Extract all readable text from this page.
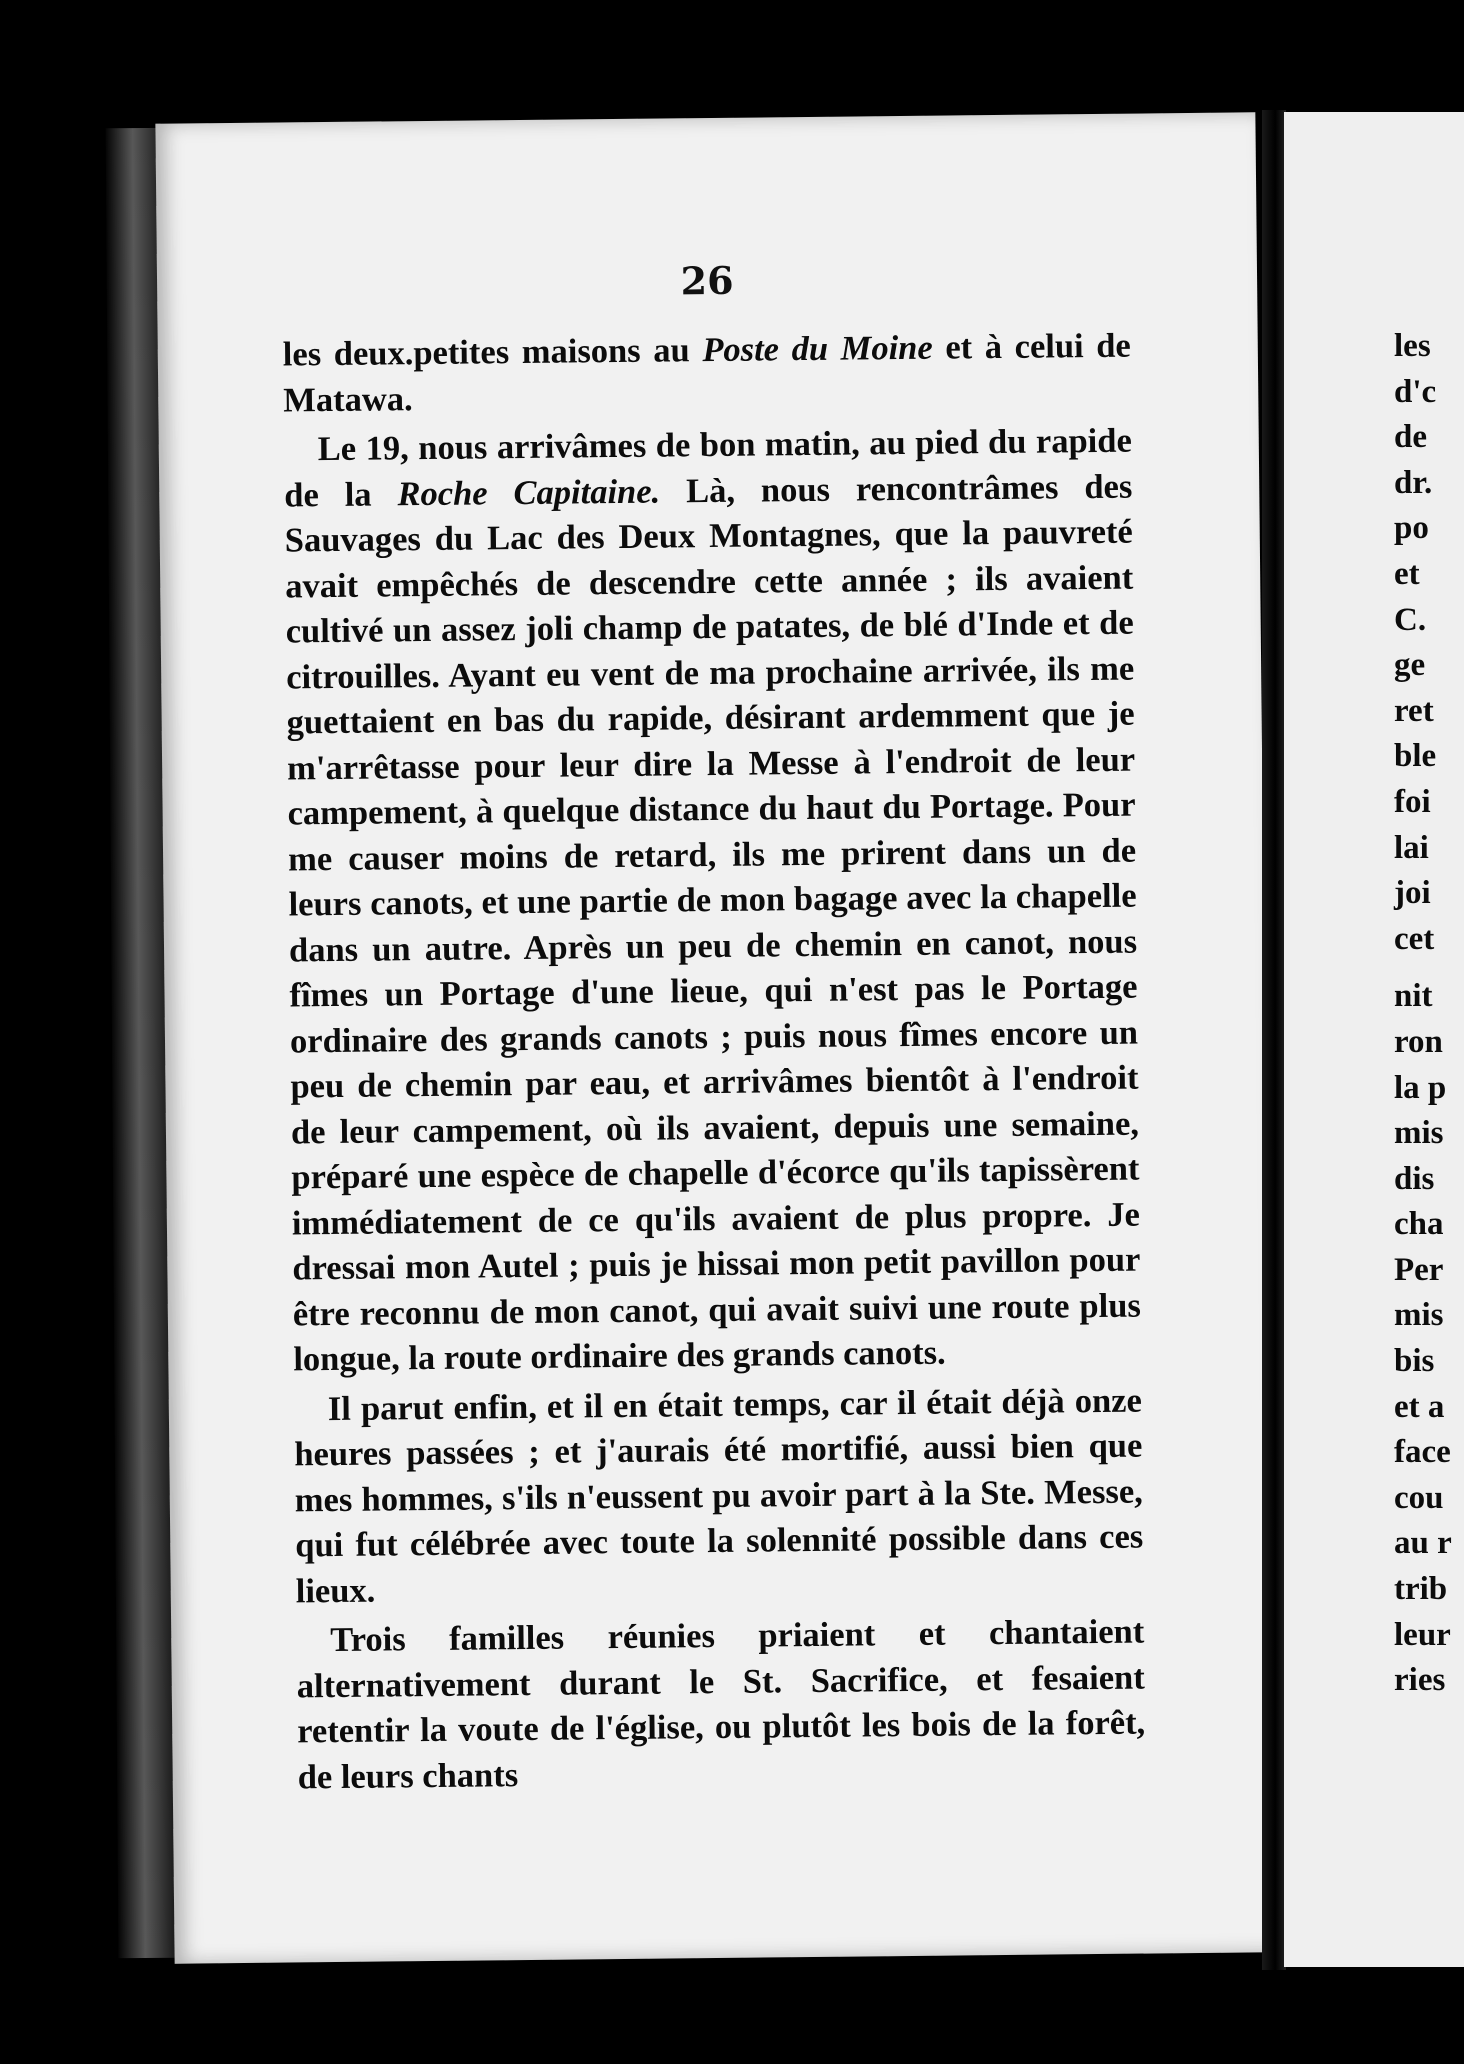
26

les deux.petites maisons au Poste du Moine et à celui de Matawa.

Le 19, nous arrivâmes de bon matin, au pied du rapide de la Roche Capitaine. Là, nous rencontrâmes des Sauvages du Lac des Deux Montagnes, que la pauvreté avait empêchés de descendre cette année ; ils avaient cultivé un assez joli champ de patates, de blé d'Inde et de citrouilles. Ayant eu vent de ma prochaine arrivée, ils me guettaient en bas du rapide, désirant ardemment que je m'arrêtasse pour leur dire la Messe à l'endroit de leur campement, à quelque distance du haut du Portage. Pour me causer moins de retard, ils me prirent dans un de leurs canots, et une partie de mon bagage avec la chapelle dans un autre. Après un peu de chemin en canot, nous fîmes un Portage d'une lieue, qui n'est pas le Portage ordinaire des grands canots ; puis nous fîmes encore un peu de chemin par eau, et arrivâmes bientôt à l'endroit de leur campement, où ils avaient, depuis une semaine, préparé une espèce de chapelle d'écorce qu'ils tapissèrent immédiatement de ce qu'ils avaient de plus propre. Je dressai mon Autel ; puis je hissai mon petit pavillon pour être reconnu de mon canot, qui avait suivi une route plus longue, la route ordinaire des grands canots.

Il parut enfin, et il en était temps, car il était déjà onze heures passées ; et j'aurais été mortifié, aussi bien que mes hommes, s'ils n'eussent pu avoir part à la Ste. Messe, qui fut célébrée avec toute la solennité possible dans ces lieux.

Trois familles réunies priaient et chantaient alternativement durant le St. Sacrifice, et fesaient retentir la voute de l'église, ou plutôt les bois de la forêt, de leurs chants

les
d'c
de
dr.
po
et
C.
ge
ret
ble
foi
lai
joi
cet
nit
ron
la p
mis
dis
cha
Per
mis
bis
et a
face
cou
au r
trib
leur
ries
